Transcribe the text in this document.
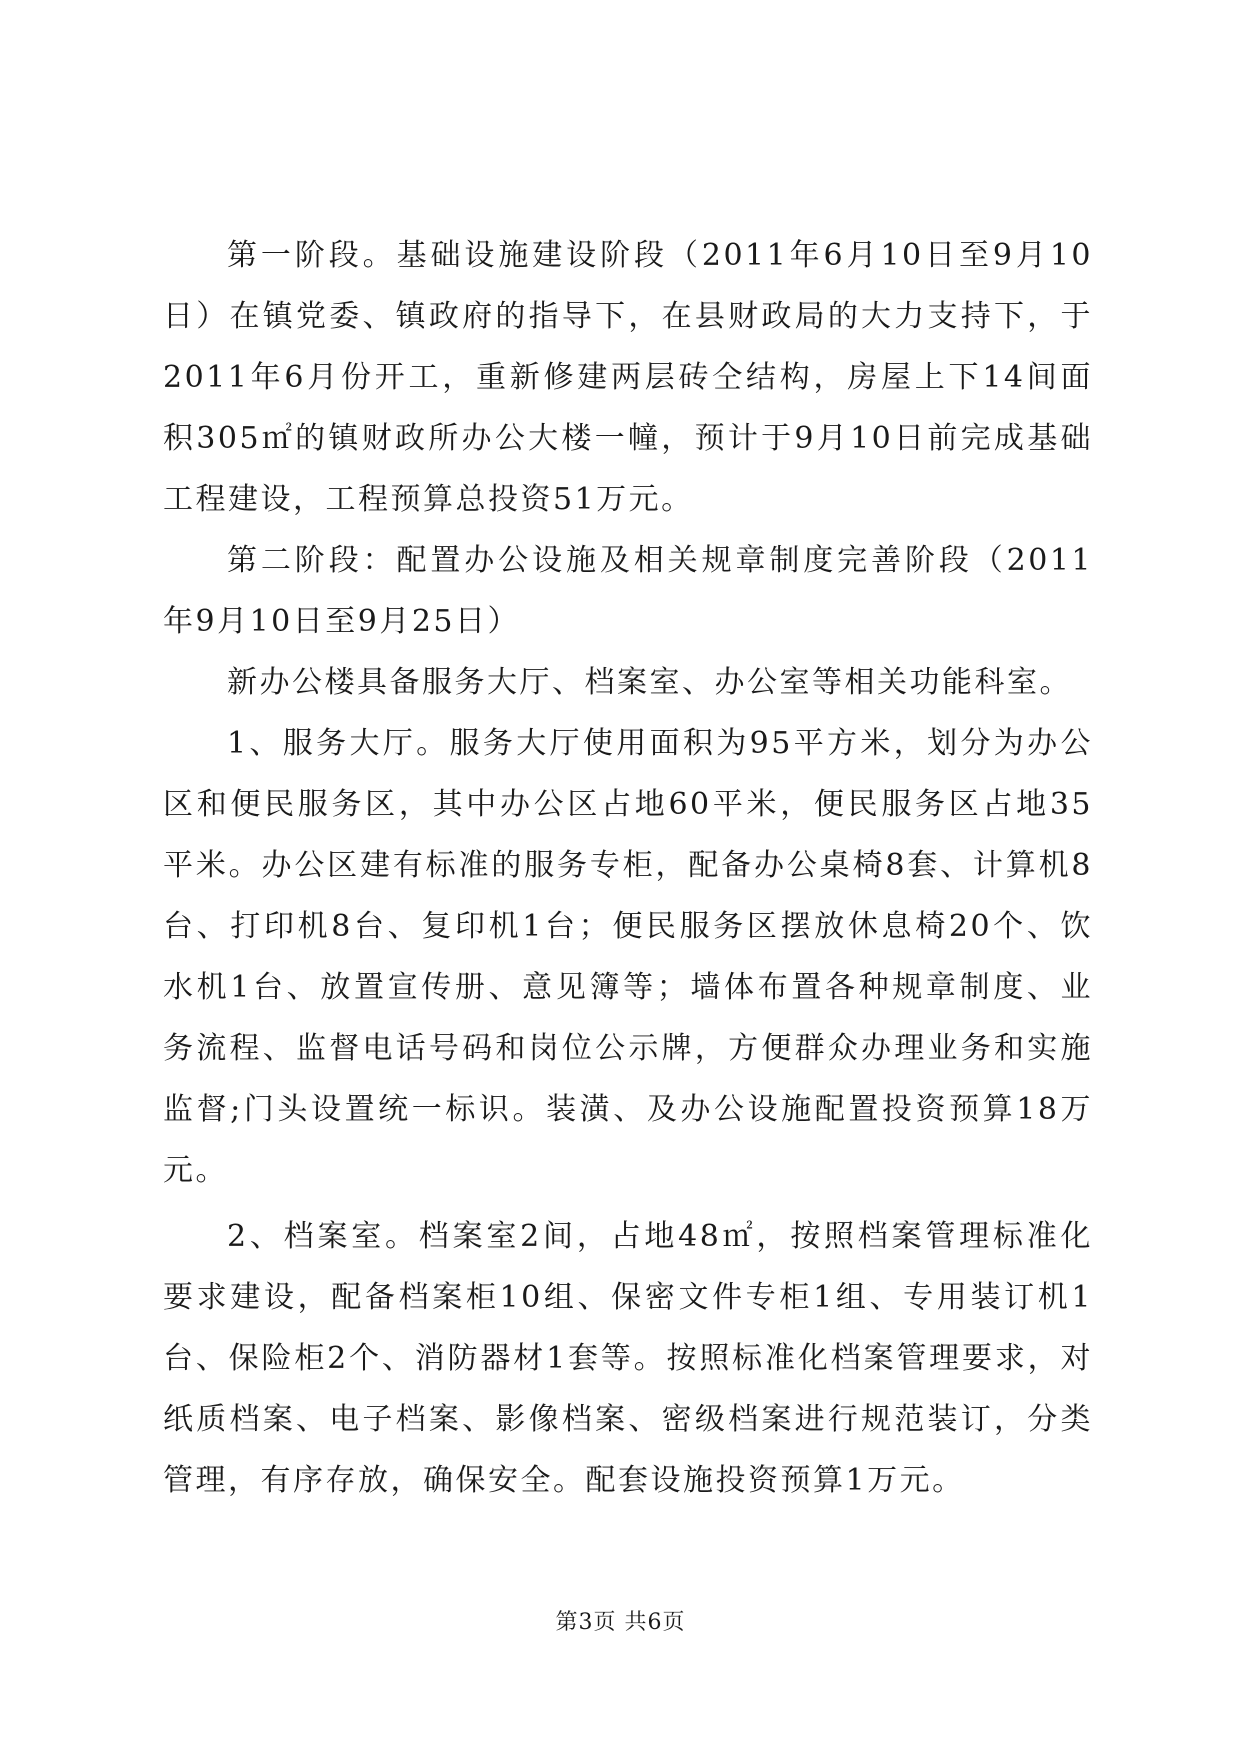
第一阶段。基础设施建设阶段（2011年6月10日至9月10日）在镇党委、镇政府的指导下，在县财政局的大力支持下，于2011年6月份开工，重新修建两层砖仝结构，房屋上下14间面积305㎡的镇财政所办公大楼一幢，预计于9月10日前完成基础工程建设，工程预算总投资51万元。

第二阶段：配置办公设施及相关规章制度完善阶段（2011年9月10日至9月25日）

新办公楼具备服务大厅、档案室、办公室等相关功能科室。

1、服务大厅。服务大厅使用面积为95平方米，划分为办公区和便民服务区，其中办公区占地60平米，便民服务区占地35平米。办公区建有标准的服务专柜，配备办公桌椅8套、计算机8台、打印机8台、复印机1台；便民服务区摆放休息椅20个、饮水机1台、放置宣传册、意见簿等；墙体布置各种规章制度、业务流程、监督电话号码和岗位公示牌，方便群众办理业务和实施监督;门头设置统一标识。装潢、及办公设施配置投资预算18万元。

2、档案室。档案室2间，占地48㎡，按照档案管理标准化要求建设，配备档案柜10组、保密文件专柜1组、专用装订机1台、保险柜2个、消防器材1套等。按照标准化档案管理要求，对纸质档案、电子档案、影像档案、密级档案进行规范装订，分类管理，有序存放，确保安全。配套设施投资预算1万元。

第3页 共6页
